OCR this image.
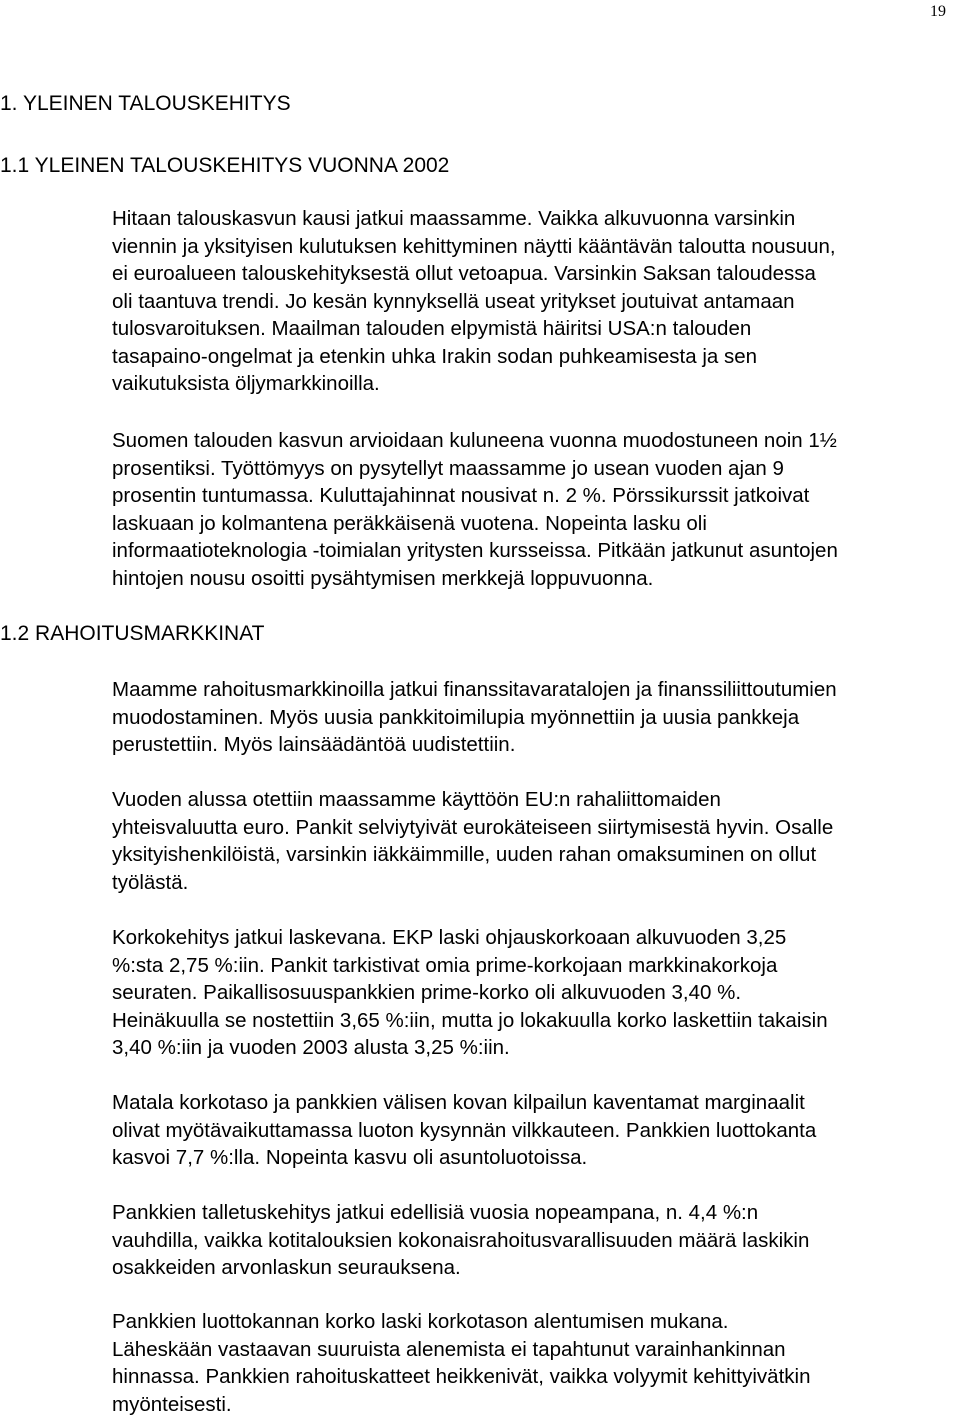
19
1. YLEINEN TALOUSKEHITYS
1.1 YLEINEN TALOUSKEHITYS VUONNA 2002
Hitaan talouskasvun kausi jatkui maassamme. Vaikka alkuvuonna varsinkin
viennin ja yksityisen kulutuksen kehittyminen näytti kääntävän taloutta nousuun,
ei euroalueen talouskehityksestä ollut vetoapua. Varsinkin Saksan taloudessa
oli taantuva trendi. Jo kesän kynnyksellä useat yritykset joutuivat antamaan
tulosvaroituksen. Maailman talouden elpymistä häiritsi USA:n talouden
tasapaino-ongelmat ja etenkin uhka Irakin sodan puhkeamisesta ja sen
vaikutuksista öljymarkkinoilla.
Suomen talouden kasvun arvioidaan kuluneena vuonna muodostuneen noin 1½
prosentiksi. Työttömyys on pysytellyt maassamme jo usean vuoden ajan 9
prosentin tuntumassa. Kuluttajahinnat nousivat n. 2 %. Pörssikurssit jatkoivat
laskuaan jo kolmantena peräkkäisenä vuotena. Nopeinta lasku oli
informaatioteknologia -toimialan yritysten kursseissa. Pitkään jatkunut asuntojen
hintojen nousu osoitti pysähtymisen merkkejä loppuvuonna.
1.2 RAHOITUSMARKKINAT
Maamme rahoitusmarkkinoilla jatkui finanssitavaratalojen ja finanssiliittoutumien
muodostaminen. Myös uusia pankkitoimilupia myönnettiin ja uusia pankkeja
perustettiin. Myös lainsäädäntöä uudistettiin.
Vuoden alussa otettiin maassamme käyttöön EU:n rahaliittomaiden
yhteisvaluutta euro. Pankit selviytyivät eurokäteiseen siirtymisestä hyvin. Osalle
yksityishenkilöistä, varsinkin iäkkäimmille, uuden rahan omaksuminen on ollut
työlästä.
Korkokehitys jatkui laskevana. EKP laski ohjauskorkoaan alkuvuoden 3,25
%:sta 2,75 %:iin. Pankit tarkistivat omia prime-korkojaan markkinakorkoja
seuraten. Paikallisosuuspankkien prime-korko oli alkuvuoden 3,40 %.
Heinäkuulla se nostettiin 3,65 %:iin, mutta jo lokakuulla korko laskettiin takaisin
3,40 %:iin ja vuoden 2003 alusta 3,25 %:iin.
Matala korkotaso ja pankkien välisen kovan kilpailun kaventamat marginaalit
olivat myötävaikuttamassa luoton kysynnän vilkkauteen. Pankkien luottokanta
kasvoi 7,7 %:lla. Nopeinta kasvu oli asuntoluotoissa.
Pankkien talletuskehitys jatkui edellisiä vuosia nopeampana, n. 4,4 %:n
vauhdilla, vaikka kotitalouksien kokonaisrahoitusvarallisuuden määrä laskikin
osakkeiden arvonlaskun seurauksena.
Pankkien luottokannan korko laski korkotason alentumisen mukana.
Läheskään vastaavan suuruista alenemista ei tapahtunut varainhankinnan
hinnassa. Pankkien rahoituskatteet heikkenivät, vaikka volyymit kehittyivätkin
myönteisesti.
